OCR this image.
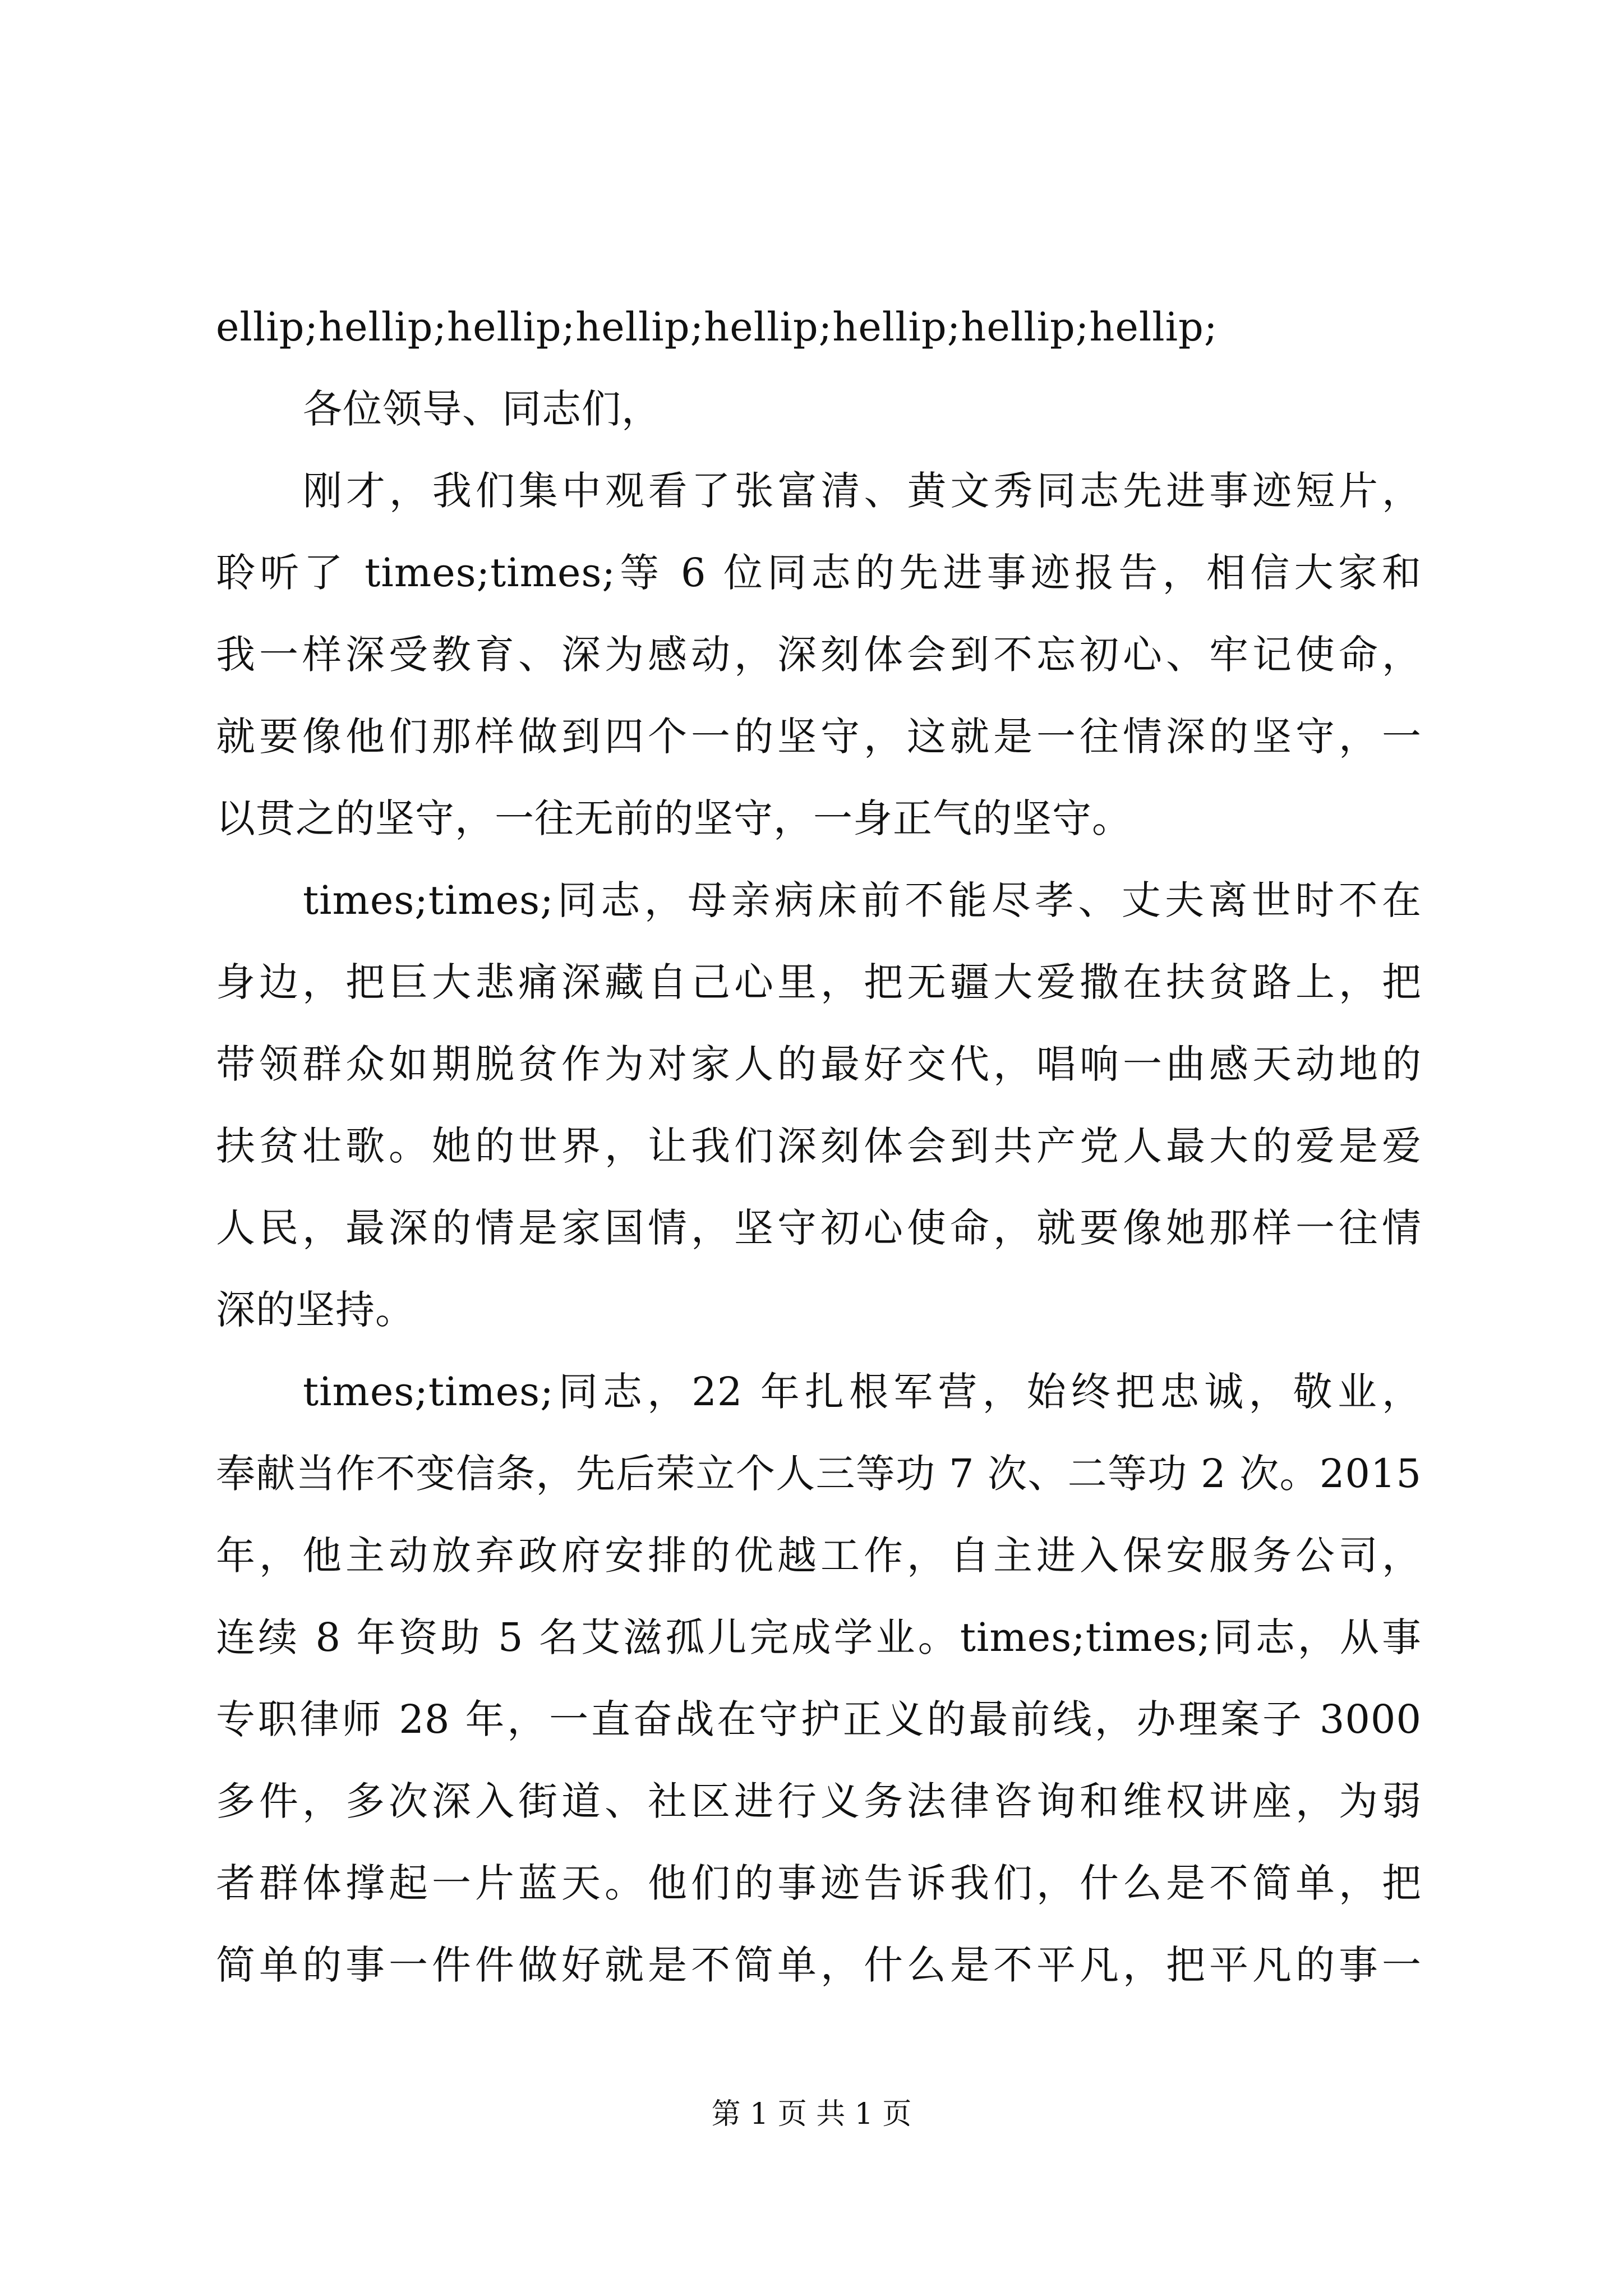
ellip;hellip;hellip;hellip;hellip;hellip;hellip;hellip;
各位领导、同志们，
刚才，我们集中观看了张富清、黄文秀同志先进事迹短片，
聆听了 times;times;等 6 位同志的先进事迹报告，相信大家和
我一样深受教育、深为感动，深刻体会到不忘初心、牢记使命，
就要像他们那样做到四个一的坚守，这就是一往情深的坚守，一
以贯之的坚守，一往无前的坚守，一身正气的坚守。
times;times;同志，母亲病床前不能尽孝、丈夫离世时不在
身边，把巨大悲痛深藏自己心里，把无疆大爱撒在扶贫路上，把
带领群众如期脱贫作为对家人的最好交代，唱响一曲感天动地的
扶贫壮歌。她的世界，让我们深刻体会到共产党人最大的爱是爱
人民，最深的情是家国情，坚守初心使命，就要像她那样一往情
深的坚持。
times;times;同志，22 年扎根军营，始终把忠诚，敬业，
奉献当作不变信条，先后荣立个人三等功 7 次、二等功 2 次。2015
年，他主动放弃政府安排的优越工作，自主进入保安服务公司，
连续 8 年资助 5 名艾滋孤儿完成学业。times;times;同志，从事
专职律师 28 年，一直奋战在守护正义的最前线，办理案子 3000
多件，多次深入街道、社区进行义务法律咨询和维权讲座，为弱
者群体撑起一片蓝天。他们的事迹告诉我们，什么是不简单，把
简单的事一件件做好就是不简单，什么是不平凡，把平凡的事一
第 1 页 共 1 页
